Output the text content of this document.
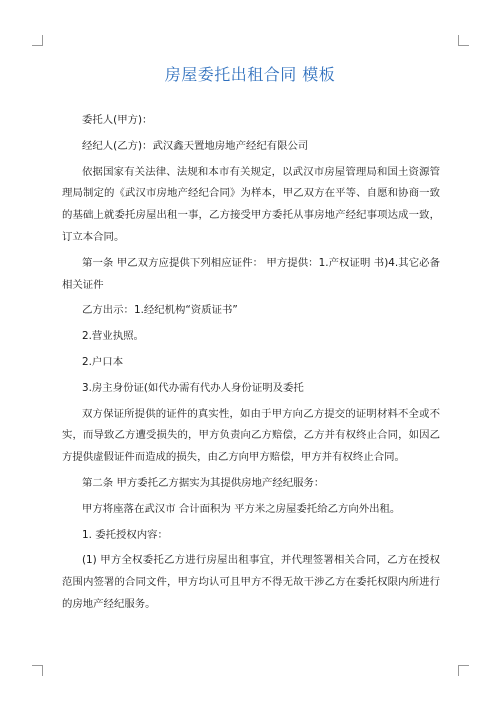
房屋委托出租合同 模板

委托人(甲方)：

经纪人(乙方)：武汉鑫天置地房地产经纪有限公司

依据国家有关法律、法规和本市有关规定，以武汉市房屋管理局和国土资源管理局制定的《武汉市房地产经纪合同》为样本，甲乙双方在平等、自愿和协商一致的基础上就委托房屋出租一事，乙方接受甲方委托从事房地产经纪事项达成一致，订立本合同。

第一条 甲乙双方应提供下列相应证件： 甲方提供：1.产权证明 书)4.其它必备相关证件

乙方出示：1.经纪机构“资质证书”

2.营业执照。

2.户口本

3.房主身份证(如代办需有代办人身份证明及委托

双方保证所提供的证件的真实性，如由于甲方向乙方提交的证明材料不全或不实，而导致乙方遭受损失的，甲方负责向乙方赔偿，乙方并有权终止合同，如因乙方提供虚假证件而造成的损失，由乙方向甲方赔偿，甲方并有权终止合同。

第二条 甲方委托乙方据实为其提供房地产经纪服务：

甲方将座落在武汉市 合计面积为 平方米之房屋委托给乙方向外出租。

1. 委托授权内容：

(1) 甲方全权委托乙方进行房屋出租事宜，并代理签署相关合同，乙方在授权范围内签署的合同文件，甲方均认可且甲方不得无故干涉乙方在委托权限内所进行的房地产经纪服务。
